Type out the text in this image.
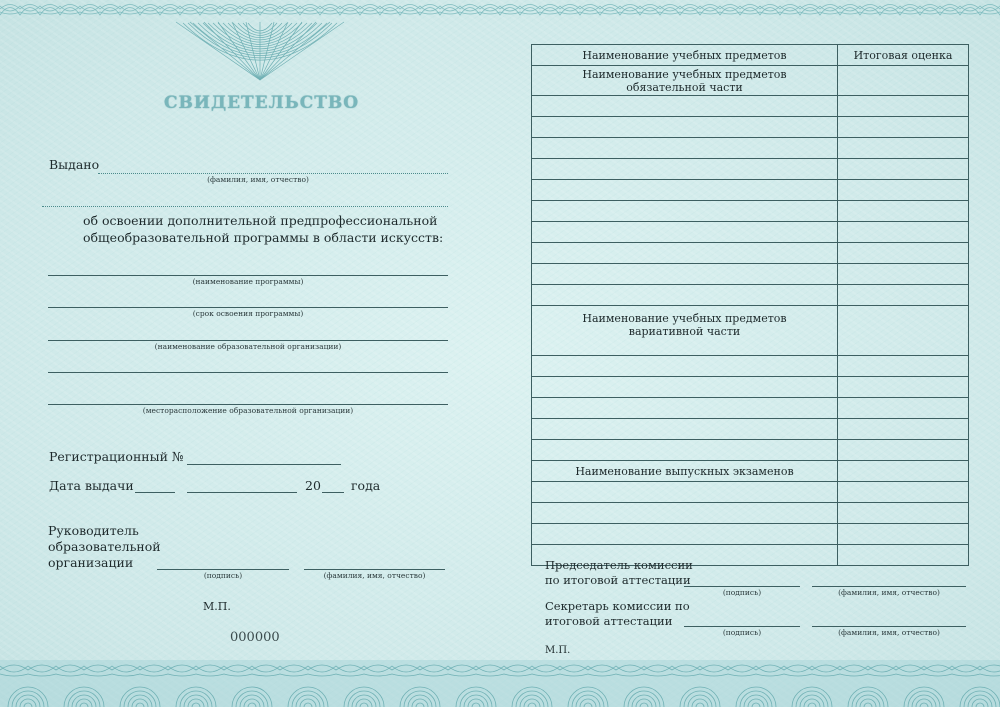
СВИДЕТЕЛЬСТВО
Выдано
(фамилия, имя, отчество)
об освоении дополнительной предпрофессиональной
общеобразовательной программы в области искусств:
(наименование программы)
(срок освоения программы)
(наименование образовательной организации)
(месторасположение образовательной организации)
Регистрационный №
Дата выдачи	20 года
Руководитель
образовательной
организации
(подпись)	(фамилия, имя, отчество)
М.П.
000000
Наименование учебных предметов	Итоговая оценка

Наименование учебных предметов
обязательной части	

Наименование учебных предметов
вариативной части	

Наименование выпускных экзаменов	

Председатель комиссии
по итоговой аттестации
(подпись)	(фамилия, имя, отчество)
Секретарь комиссии по
итоговой аттестации
(подпись)	(фамилия, имя, отчество)
М.П.
